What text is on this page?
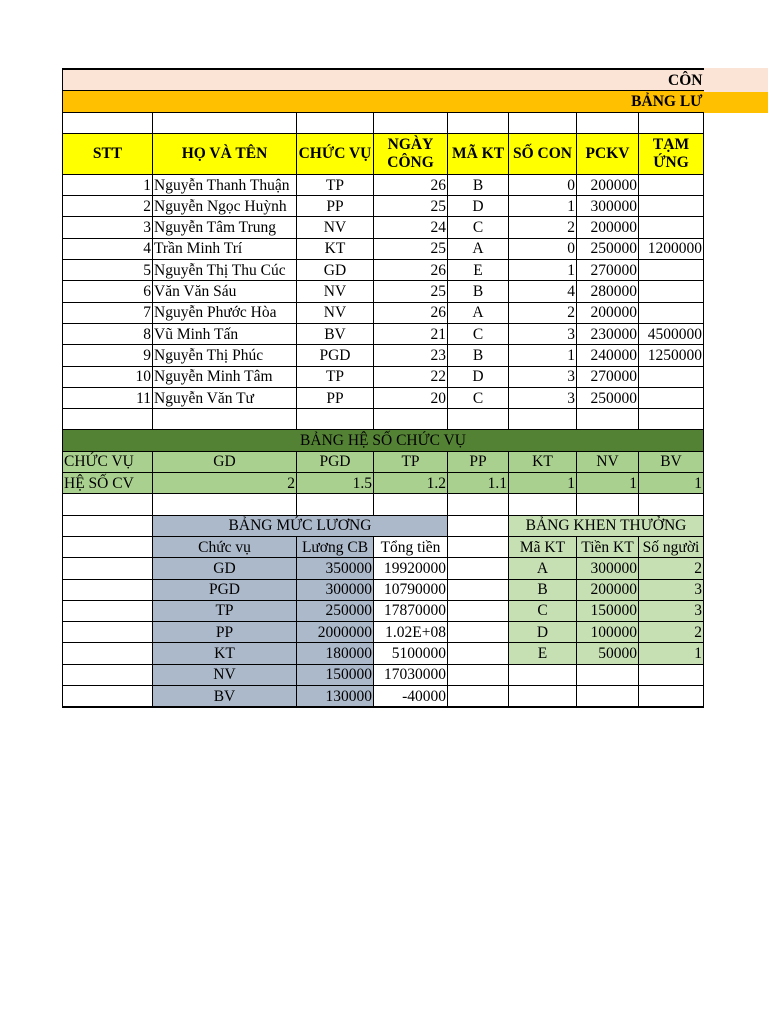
CÔN							
BẢNG LƯ							

STT	HỌ VÀ TÊN	CHỨC VỤ	NGÀY CÔNG	MÃ KT	SỐ CON	PCKV	TẠM ỨNG
1	Nguyễn Thanh Thuận	TP	26	B	0	200000	
2	Nguyễn Ngọc Huỳnh	PP	25	D	1	300000	
3	Nguyễn Tâm Trung	NV	24	C	2	200000	
4	Trần Minh Trí	KT	25	A	0	250000	1200000
5	Nguyễn Thị Thu Cúc	GD	26	E	1	270000	
6	Văn Văn Sáu	NV	25	B	4	280000	
7	Nguyễn Phước Hòa	NV	26	A	2	200000	
8	Vũ Minh Tấn	BV	21	C	3	230000	4500000
9	Nguyễn Thị Phúc	PGD	23	B	1	240000	1250000
10	Nguyễn Minh Tâm	TP	22	D	3	270000	
11	Nguyễn Văn Tư	PP	20	C	3	250000	

BẢNG HỆ SỐ CHỨC VỤ							
CHỨC VỤ	GD	PGD	TP	PP	KT	NV	BV
HỆ SỐ CV	2	1.5	1.2	1.1	1	1	1

	BẢNG MỨC LƯƠNG				BẢNG KHEN THƯỞNG		
	Chức vụ	Lương CB	Tổng tiền		Mã KT	Tiền KT	Số người
	GD	350000	19920000		A	300000	2
	PGD	300000	10790000		B	200000	3
	TP	250000	17870000		C	150000	3
	PP	2000000	1.02E+08		D	100000	2
	KT	180000	5100000		E	50000	1
	NV	150000	17030000				
	BV	130000	-40000				
